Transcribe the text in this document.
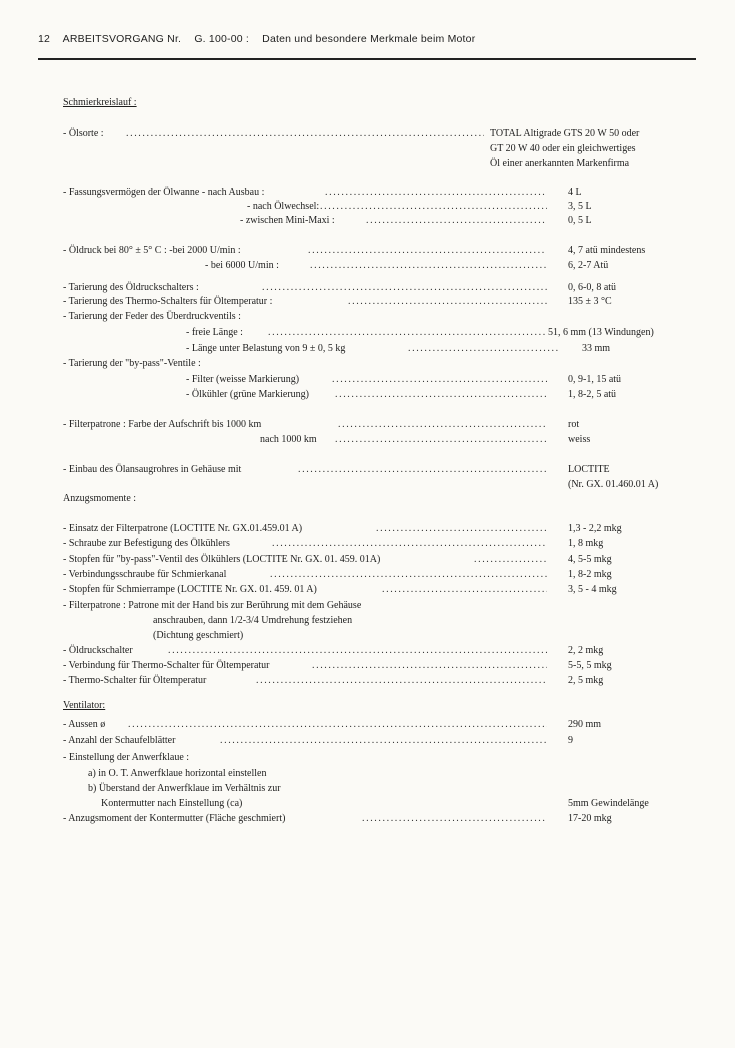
12 ARBEITSVORGANG Nr. G. 100-00 : Daten und besondere Merkmale beim Motor
Schmierkreislauf :
- Ölsorte : .....	TOTAL Altigrade GTS 20 W 50 oder
GT 20 W 40 oder ein gleichwertiges
Öl einer anerkannten Markenfirma
- Fassungsvermögen der Ölwanne - nach Ausbau : .....	4 L
- nach Ölwechsel: .....	3, 5 L
- zwischen Mini-Maxi : .....	0, 5 L
- Öldruck bei 80° ± 5° C : -bei 2000 U/min : .....	4, 7 atü mindestens
- bei 6000 U/min : .....	6, 2-7 Atü
- Tarierung des Öldruckschalters : .....	0, 6-0, 8 atü
- Tarierung des Thermo-Schalters für Öltemperatur : .....	135 ± 3 °C
- Tarierung der Feder des Überdruckventils :
- freie Länge : .....	51, 6 mm (13 Windungen)
- Länge unter Belastung von 9 ± 0, 5 kg .....	33 mm
- Tarierung der "by-pass"-Ventile :
- Filter (weisse Markierung) .....	0, 9-1, 15 atü
- Ölkühler (grüne Markierung) .....	1, 8-2, 5 atü
- Filterpatrone : Farbe der Aufschrift bis 1000 km .....	rot
nach 1000 km .....	weiss
- Einbau des Ölansaugrohres in Gehäuse mit .....	LOCTITE
(Nr. GX. 01.460.01 A)
Anzugsmomente :
- Einsatz der Filterpatrone (LOCTITE Nr. GX.01.459.01 A) .....	1,3 - 2,2 mkg
- Schraube zur Befestigung des Ölkühlers .....	1, 8 mkg
- Stopfen für "by-pass"-Ventil des Ölkühlers (LOCTITE Nr. GX. 01. 459. 01A) .....	4, 5-5 mkg
- Verbindungsschraube für Schmierkanal .....	1, 8-2 mkg
- Stopfen für Schmierrampe (LOCTITE Nr. GX. 01. 459. 01 A) .....	3, 5 - 4 mkg
- Filterpatrone : Patrone mit der Hand bis zur Berührung mit dem Gehäuse
anschrauben, dann 1/2-3/4 Umdrehung festziehen
(Dichtung geschmiert)
- Öldruckschalter .....	2, 2 mkg
- Verbindung für Thermo-Schalter für Öltemperatur .....	5-5, 5 mkg
- Thermo-Schalter für Öltemperatur .....	2, 5 mkg
Ventilator:
- Aussen ø .....	290 mm
- Anzahl der Schaufelblätter .....	9
- Einstellung der Anwerfklaue :
a) in O. T. Anwerfklaue horizontal einstellen
b) Überstand der Anwerfklaue im Verhältnis zur
Kontermutter nach Einstellung (ca)	5mm Gewindelänge
- Anzugsmoment der Kontermutter (Fläche geschmiert) .....	17-20 mkg
